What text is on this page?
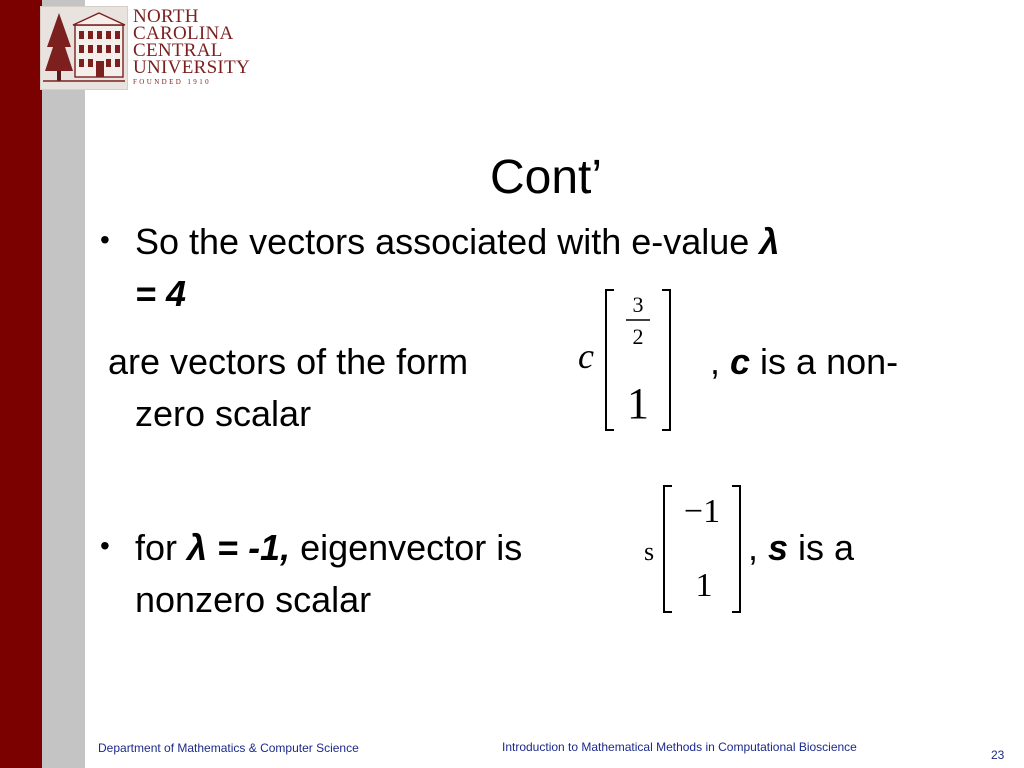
NORTH
CAROLINA
CENTRAL
UNIVERSITY
FOUNDED 1910
Cont’
• So the vectors associated with e-value λ
= 4
are vectors of the form	c
3
2
1
, c is a non-
zero scalar
• for λ = -1, eigenvector is	s
−1
1
, s is a
nonzero scalar
Department of Mathematics & Computer Science	Introduction to Mathematical Methods in Computational Bioscience
23
